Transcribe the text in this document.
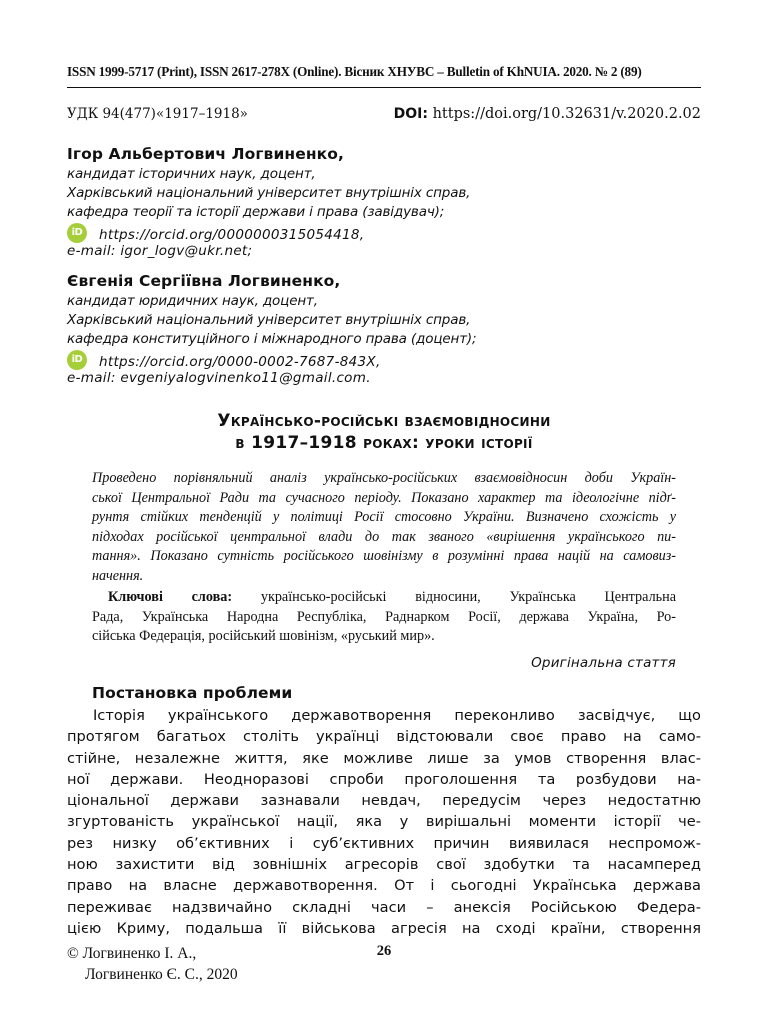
ISSN 1999-5717 (Print), ISSN 2617-278X (Online). Вісник ХНУВС – Bulletin of KhNUIA. 2020. № 2 (89)
УДК 94(477)«1917–1918»	DOI: https://doi.org/10.32631/v.2020.2.02
Ігор Альбертович Логвиненко,
кандидат історичних наук, доцент,
Харківський національний університет внутрішніх справ,
кафедра теорії та історії держави і права (завідувач);
iD	https://orcid.org/0000000315054418,
e-mail: igor_logv@ukr.net;
Євгенія Сергіївна Логвиненко,
кандидат юридичних наук, доцент,
Харківський національний університет внутрішніх справ,
кафедра конституційного і міжнародного права (доцент);
iD	https://orcid.org/0000-0002-7687-843X,
e-mail: evgeniyalogvinenko11@gmail.com.
Українсько-російські взаємовідносини
в 1917–1918 роках: уроки історії
Проведено порівняльний аналіз українсько-російських взаємовідносин доби Україн-
ської Центральної Ради та сучасного періоду. Показано характер та ідеологічне підґ-
рунтя стійких тенденцій у політиці Росії стосовно України. Визначено схожість у
підходах російської центральної влади до так званого «вирішення українського пи-
тання». Показано сутність російського шовінізму в розумінні права націй на самовиз-
начення.
Ключові слова: українсько-російські відносини, Українська Центральна
Рада, Українська Народна Республіка, Раднарком Росії, держава Україна, Ро-
сійська Федерація, російський шовінізм, «руський мир».
Оригінальна стаття
Постановка проблеми
Історія українського державотворення переконливо засвідчує, що
протягом багатьох століть українці відстоювали своє право на само-
стійне, незалежне життя, яке можливе лише за умов створення влас-
ної держави. Неодноразові спроби проголошення та розбудови на-
ціональної держави зазнавали невдач, передусім через недостатню
згуртованість української нації, яка у вирішальні моменти історії че-
рез низку об’єктивних і суб’єктивних причин виявилася неспромож-
ною захистити від зовнішніх агресорів свої здобутки та насамперед
право на власне державотворення. От і сьогодні Українська держава
переживає надзвичайно складні часи – анексія Російською Федера-
цією Криму, подальша її військова агресія на сході країни, створення
© Логвиненко І. А.,
Логвиненко Є. С., 2020
26
